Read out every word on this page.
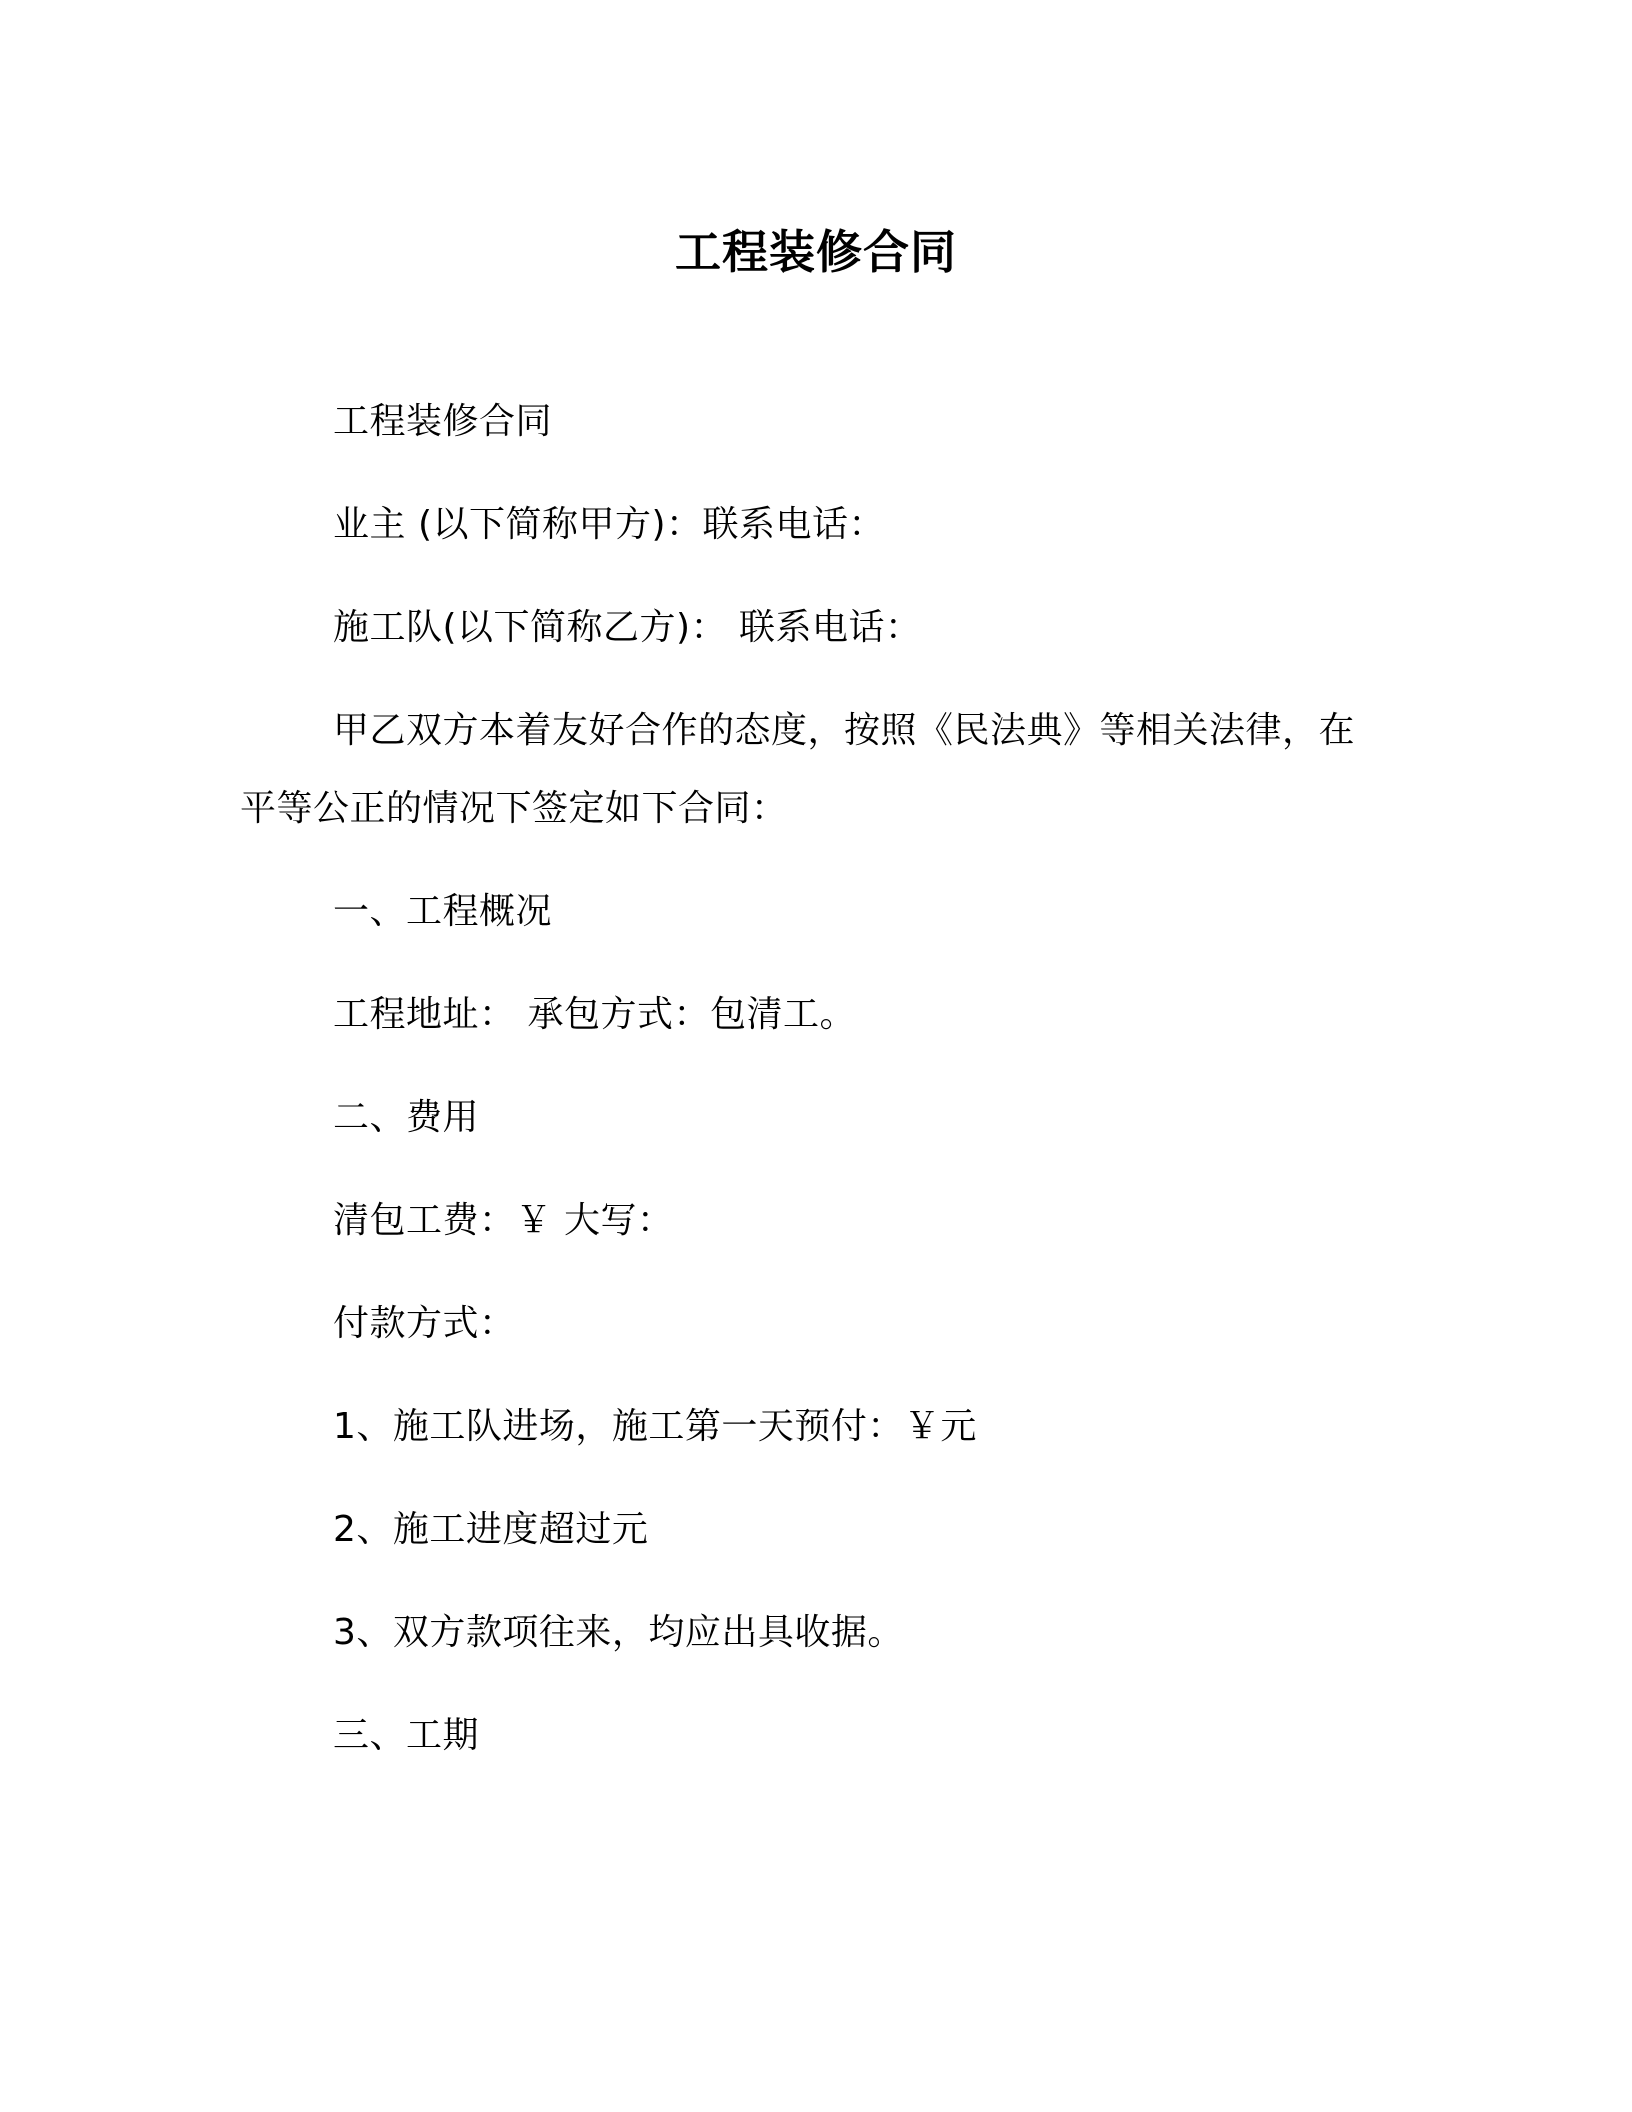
工程装修合同
工程装修合同
业主 (以下简称甲方)：联系电话：
施工队(以下简称乙方)： 联系电话：
甲乙双方本着友好合作的态度，按照《民法典》等相关法律，在
平等公正的情况下签定如下合同：
一、工程概况
工程地址： 承包方式：包清工。
二、费用
清包工费：￥ 大写：
付款方式：
1、施工队进场，施工第一天预付：￥元
2、施工进度超过元
3、双方款项往来，均应出具收据。
三、工期
